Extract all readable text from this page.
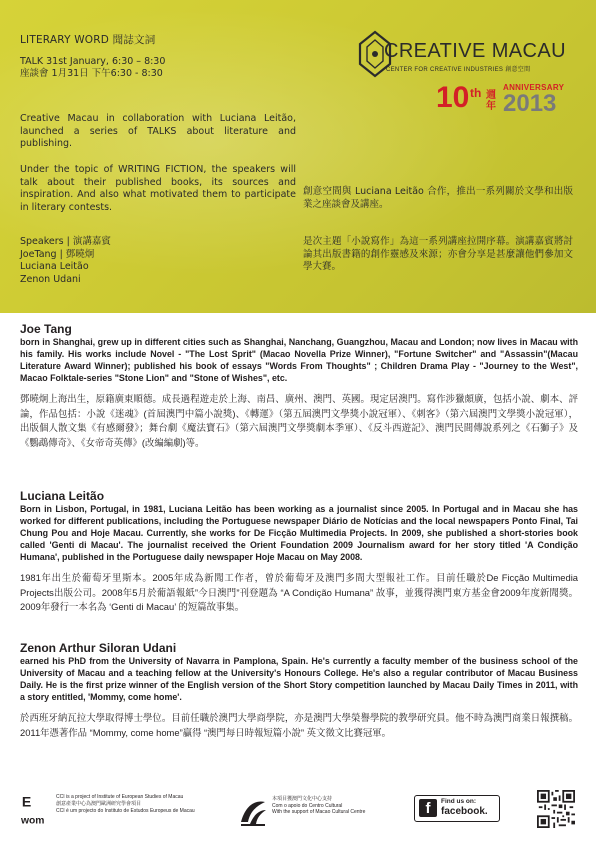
LITERARY WORD 聞誌文詞
TALK 31st January, 6:30 – 8:30
座談會 1月31日 下午6:30 - 8:30
Creative Macau in collaboration with Luciana Leitão, launched a series of TALKS about literature and publishing.
Under the topic of WRITING FICTION, the speakers will talk about their published books, its sources and inspiration. And also what motivated them to participate in literary contests.
Speakers | 演講嘉賓
JoeTang | 鄧曉炯
Luciana Leitão
Zenon Udani
創意空間與 Luciana Leitão 合作，推出一系列關於文學和出版業之座談會及講座。
是次主題「小說寫作」為這一系列講座拉開序幕。演講嘉賓將討論其出版書籍的創作靈感及來源；亦會分享是甚麼讓他們參加文學大賽。
CREATIVE MACAU
CENTER FOR CREATIVE INDUSTRIES 創意空間
10 th 週年
ANNIVERSARY
2013
Joe Tang

born in Shanghai, grew up in different cities such as Shanghai, Nanchang, Guangzhou, Macau and London; now lives in Macau with his family. His works include Novel - "The Lost Sprit" (Macao Novella Prize Winner), "Fortune Switcher" and "Assassin"(Macau Literature Award Winner); published his book of essays "Words From Thoughts" ; Children Drama Play - "Journey to the West", Macao Folktale-series "Stone Lion" and "Stone of Wishes", etc.

鄧曉炯上海出生，原籍廣東順德。成長過程遊走於上海、南昌、廣州、澳門、英國。現定居澳門。寫作涉獵頗廣，包括小說、劇本、評論，作品包括：小說《迷魂》(首屆澳門中篇小說獎)、《轉運》（第五屆澳門文學獎小說冠軍）、《刺客》（第六屆澳門文學獎小說冠軍），出版個人散文集《有感爾發》；舞台劇《魔法寶石》（第六屆澳門文學獎劇本季軍）、《反斗西遊記》、澳門民間傳說系列之《石獅子》及《鸚鵡傳奇》、《女帝奇英傳》(改編編劇)等。

Luciana Leitão

Born in Lisbon, Portugal, in 1981, Luciana Leitão has been working as a journalist since 2005. In Portugal and in Macau she has worked for different publications, including the Portuguese newspaper Diário de Notícias and the local newspapers Ponto Final, Tai Chung Pou and Hoje Macau. Currently, she works for De Ficção Multimedia Projects. In 2009, she published a short-stories book called 'Genti di Macau'. The journalist received the Orient Foundation 2009 Journalism award for her story titled 'A Condição Humana', published in the Portuguese daily newspaper Hoje Macau on May 2008.

1981年出生於葡萄牙里斯本。2005年成為新聞工作者，曾於葡萄牙及澳門多間大型報社工作。目前任職於De Ficção Multimedia Projects出版公司。2008年5月於葡語報紙”今日澳門”刊登題為 “A Condição Humana” 故事，並獲得澳門東方基金會2009年度新聞獎。2009年發行一本名為 ‘Genti di Macau’ 的短篇故事集。

Zenon Arthur Siloran Udani

earned his PhD from the University of Navarra in Pamplona, Spain. He's currently a faculty member of the business school of the University of Macau and a teaching fellow at the University's Honours College. He's also a regular contributor of Macau Business Daily. He is the first prize winner of the English version of the Short Story competition launched by Macau Daily Times in 2011, with a story entitled, 'Mommy, come home'.

於西班牙納瓦拉大學取得博士學位。目前任職於澳門大學商學院，亦是澳門大學榮譽學院的教學研究員。他不時為澳門商業日報撰稿。2011年憑著作品 “Mommy, come home”贏得 “澳門每日時報短篇小說” 英文徵文比賽冠軍。

E
wom
CCI is a project of Institute of European Studies of Macau
創意產業中心為澳門歐洲研究學會項目
CCI é um projecto do Instituto de Estudos Europeus de Macau
本項目獲澳門文化中心支持
Com o apoio do Centro Cultural
With the support of Macao Cultural Centre	f	Find us on:
facebook.
